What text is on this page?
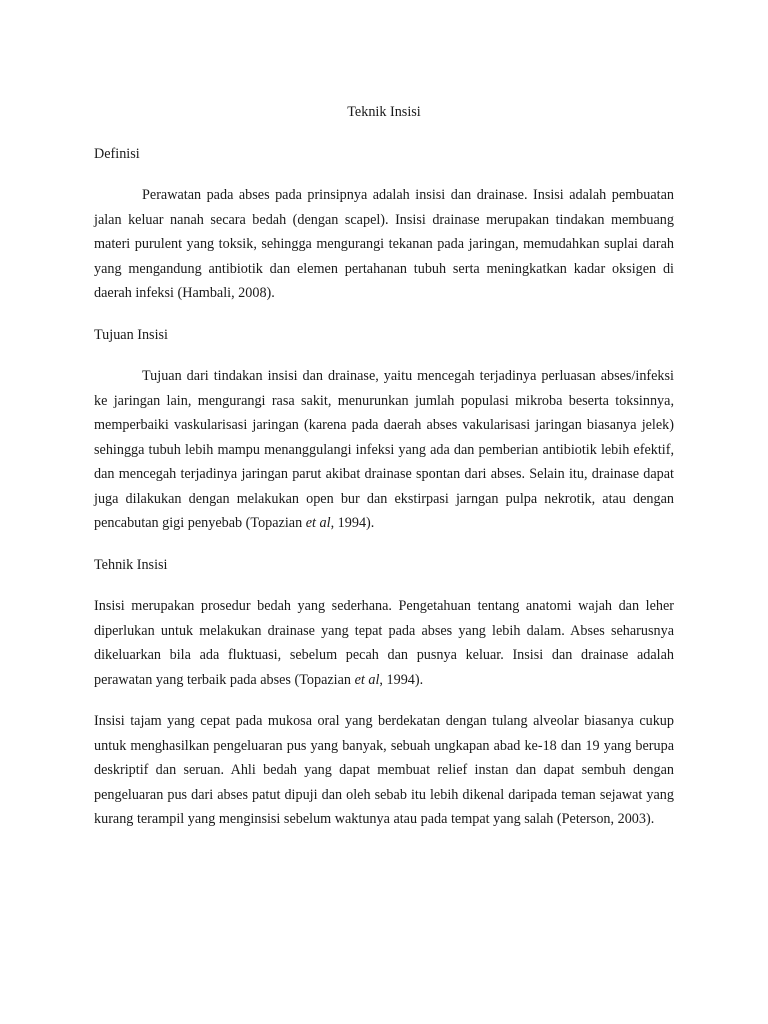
Teknik Insisi

Definisi

Perawatan pada abses pada prinsipnya adalah insisi dan drainase. Insisi adalah pembuatan jalan keluar nanah secara bedah (dengan scapel). Insisi drainase merupakan tindakan membuang materi purulent yang toksik, sehingga mengurangi tekanan pada jaringan, memudahkan suplai darah yang mengandung antibiotik dan elemen pertahanan tubuh serta meningkatkan kadar oksigen di daerah infeksi (Hambali, 2008).

Tujuan Insisi

Tujuan dari tindakan insisi dan drainase, yaitu mencegah terjadinya perluasan abses/infeksi ke jaringan lain, mengurangi rasa sakit, menurunkan jumlah populasi mikroba beserta toksinnya, memperbaiki vaskularisasi jaringan (karena pada daerah abses vakularisasi jaringan biasanya jelek) sehingga tubuh lebih mampu menanggulangi infeksi yang ada dan pemberian antibiotik lebih efektif, dan mencegah terjadinya jaringan parut akibat drainase spontan dari abses. Selain itu, drainase dapat juga dilakukan dengan melakukan open bur dan ekstirpasi jarngan pulpa nekrotik, atau dengan pencabutan gigi penyebab (Topazian et al, 1994).

Tehnik Insisi

Insisi merupakan prosedur bedah yang sederhana. Pengetahuan tentang anatomi wajah dan leher diperlukan untuk melakukan drainase yang tepat pada abses yang lebih dalam. Abses seharusnya dikeluarkan bila ada fluktuasi, sebelum pecah dan pusnya keluar. Insisi dan drainase adalah perawatan yang terbaik pada abses (Topazian et al, 1994).

Insisi tajam yang cepat pada mukosa oral yang berdekatan dengan tulang alveolar biasanya cukup untuk menghasilkan pengeluaran pus yang banyak, sebuah ungkapan abad ke-18 dan 19 yang berupa deskriptif dan seruan. Ahli bedah yang dapat membuat relief instan dan dapat sembuh dengan pengeluaran pus dari abses patut dipuji dan oleh sebab itu lebih dikenal daripada teman sejawat yang kurang terampil yang menginsisi sebelum waktunya atau pada tempat yang salah (Peterson, 2003).
